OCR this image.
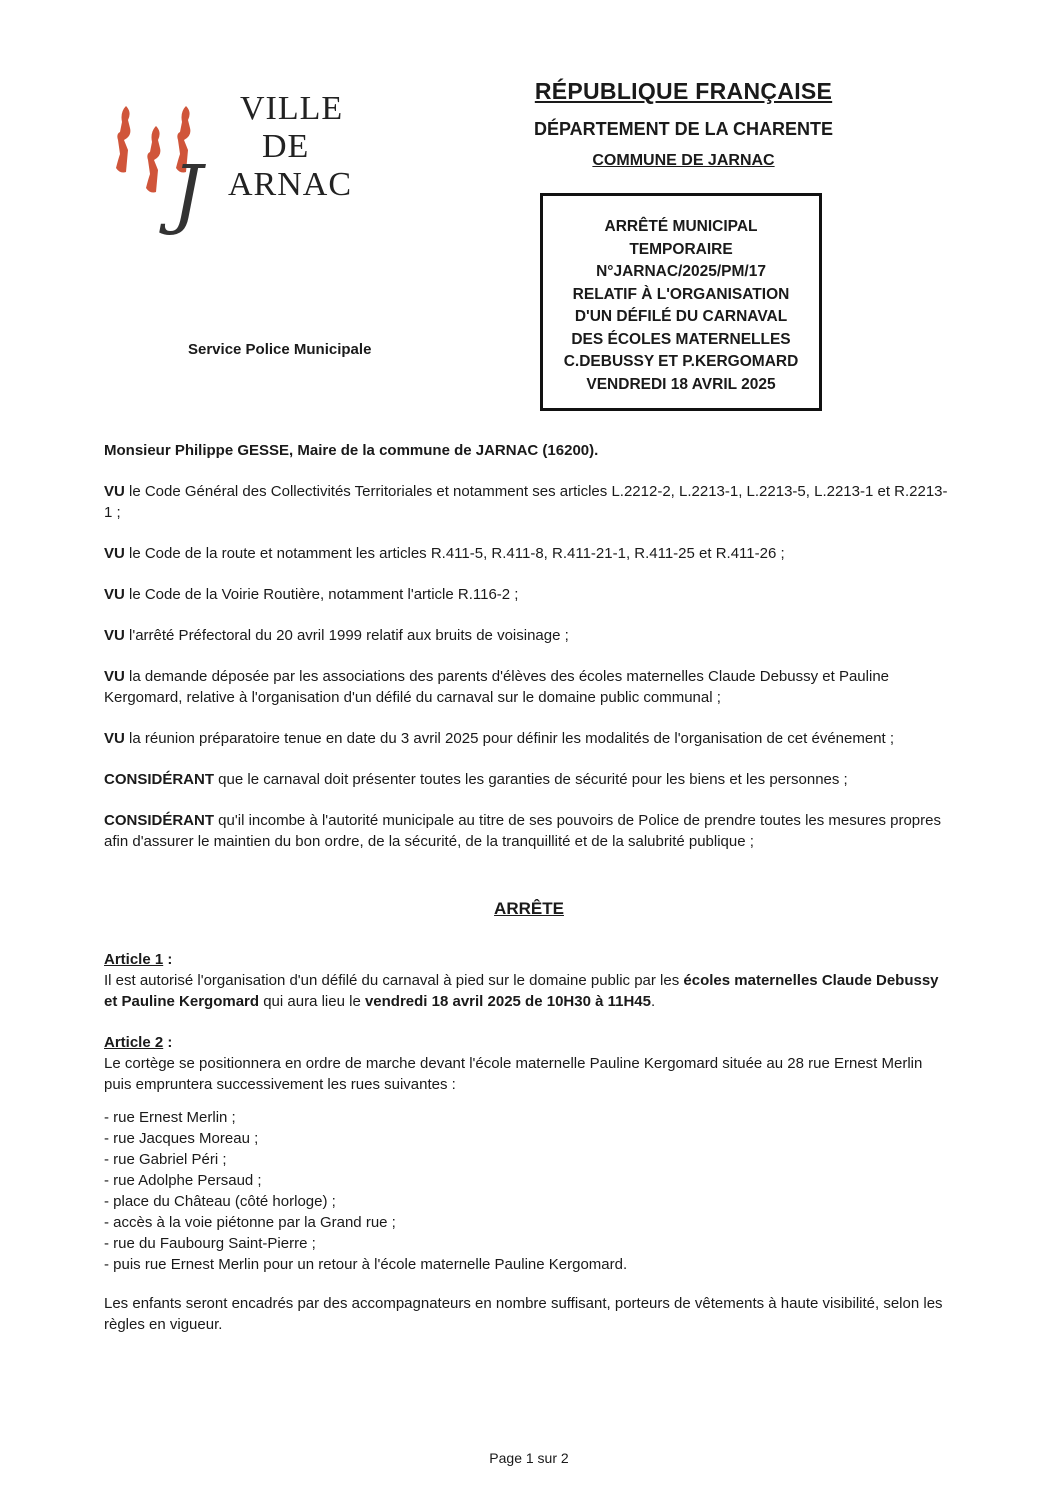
VILLE
DE
J ARNAC
RÉPUBLIQUE FRANÇAISE
DÉPARTEMENT DE LA CHARENTE
COMMUNE DE JARNAC
ARRÊTÉ MUNICIPAL
TEMPORAIRE
N°JARNAC/2025/PM/17
RELATIF À L'ORGANISATION
D'UN DÉFILÉ DU CARNAVAL
DES ÉCOLES MATERNELLES
C.DEBUSSY ET P.KERGOMARD
VENDREDI 18 AVRIL 2025
Service Police Municipale

Monsieur Philippe GESSE, Maire de la commune de JARNAC (16200).

VU le Code Général des Collectivités Territoriales et notamment ses articles L.2212-2, L.2213-1, L.2213-5, L.2213-1 et R.2213-1 ;

VU le Code de la route et notamment les articles R.411-5, R.411-8, R.411-21-1, R.411-25 et R.411-26 ;

VU le Code de la Voirie Routière, notamment l'article R.116-2 ;

VU l'arrêté Préfectoral du 20 avril 1999 relatif aux bruits de voisinage ;

VU la demande déposée par les associations des parents d'élèves des écoles maternelles Claude Debussy et Pauline Kergomard, relative à l'organisation d'un défilé du carnaval sur le domaine public communal ;

VU la réunion préparatoire tenue en date du 3 avril 2025 pour définir les modalités de l'organisation de cet événement ;

CONSIDÉRANT que le carnaval doit présenter toutes les garanties de sécurité pour les biens et les personnes ;

CONSIDÉRANT qu'il incombe à l'autorité municipale au titre de ses pouvoirs de Police de prendre toutes les mesures propres afin d'assurer le maintien du bon ordre, de la sécurité, de la tranquillité et de la salubrité publique ;

ARRÊTE
Article 1 :

Il est autorisé l'organisation d'un défilé du carnaval à pied sur le domaine public par les écoles maternelles Claude Debussy et Pauline Kergomard qui aura lieu le vendredi 18 avril 2025 de 10H30 à 11H45.

Article 2 :
Le cortège se positionnera en ordre de marche devant l'école maternelle Pauline Kergomard située au 28 rue Ernest Merlin puis empruntera successivement les rues suivantes :
- rue Ernest Merlin ;
- rue Jacques Moreau ;
- rue Gabriel Péri ;
- rue Adolphe Persaud ;
- place du Château (côté horloge) ;
- accès à la voie piétonne par la Grand rue ;
- rue du Faubourg Saint-Pierre ;
- puis rue Ernest Merlin pour un retour à l'école maternelle Pauline Kergomard.
Les enfants seront encadrés par des accompagnateurs en nombre suffisant, porteurs de vêtements à haute visibilité, selon les règles en vigueur.
Page 1 sur 2
